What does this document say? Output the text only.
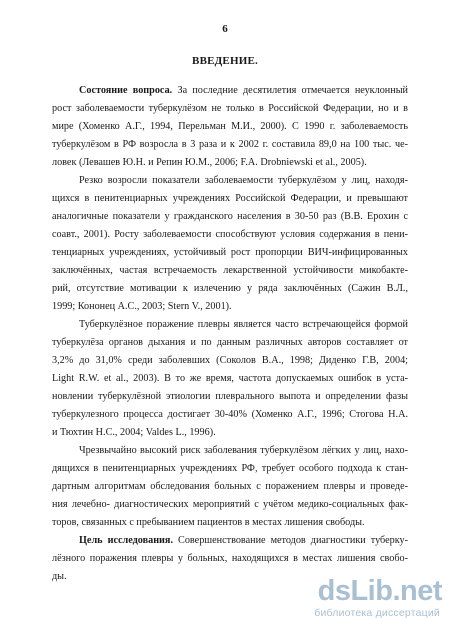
6
ВВЕДЕНИЕ.
Состояние вопроса. За последние десятилетия отмечается неуклонный
рост заболеваемости туберкулёзом не только в Российской Федерации, но и в
мире (Хоменко А.Г., 1994, Перельман М.И., 2000). С 1990 г. заболеваемость
туберкулёзом в РФ возросла в 3 раза и к 2002 г. составила 89,0 на 100 тыс. че-
ловек (Левашев Ю.Н. и Репин Ю.М., 2006; F.A. Drobniewski et al., 2005).
Резко возросли показатели заболеваемости туберкулёзом у лиц, находя-
щихся в пенитенциарных учреждениях Российской Федерации, и превышают
аналогичные показатели у гражданского населения в 30-50 раз (В.В. Ерохин с
соавт., 2001). Росту заболеваемости способствуют условия содержания в пени-
тенциарных учреждениях, устойчивый рост пропорции ВИЧ-инфицированных
заключённых, частая встречаемость лекарственной устойчивости микобакте-
рий, отсутствие мотивации к излечению у ряда заключённых (Сажин В.Л.,
1999; Кононец А.С., 2003; Stern V., 2001).
Туберкулёзное поражение плевры является часто встречающейся формой
туберкулёза органов дыхания и по данным различных авторов составляет от
3,2% до 31,0% среди заболевших (Соколов В.А., 1998; Диденко Г.В, 2004;
Light R.W. et al., 2003). В то же время, частота допускаемых ошибок в уста-
новлении туберкулёзной этиологии плеврального выпота и определении фазы
туберкулезного процесса достигает 30-40% (Хоменко А.Г., 1996; Стогова Н.А.
и Тюхтин Н.С., 2004; Valdes L., 1996).
Чрезвычайно высокий риск заболевания туберкулёзом лёгких у лиц, нахо-
дящихся в пенитенциарных учреждениях РФ, требует особого подхода к стан-
дартным алгоритмам обследования больных с поражением плевры и проведе-
ния лечебно- диагностических мероприятий с учётом медико-социальных фак-
торов, связанных с пребыванием пациентов в местах лишения свободы.
Цель исследования. Совершенствование методов диагностики туберку-
лёзного поражения плевры у больных, находящихся в местах лишения свобо-
ды.	dsLib.net
библиотека диссертаций
